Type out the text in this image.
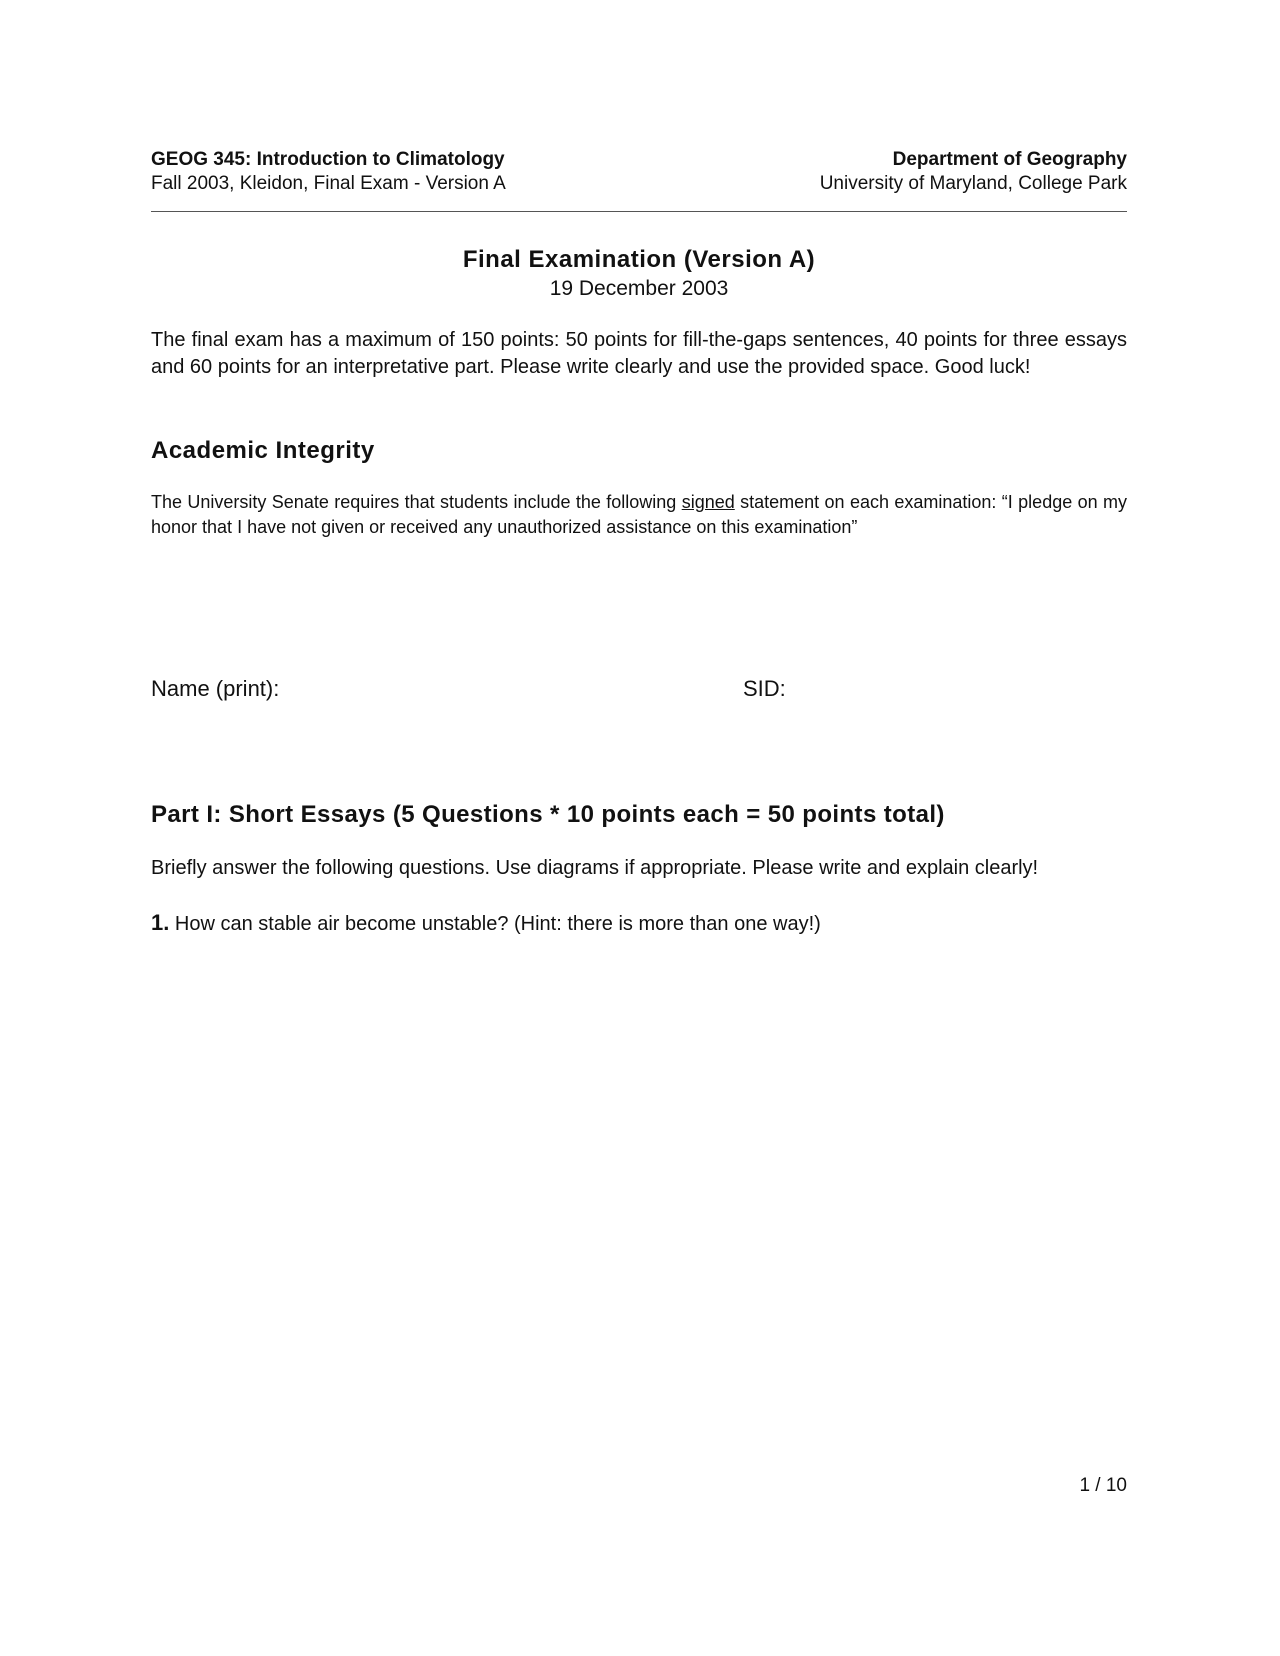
GEOG 345: Introduction to Climatology
Fall 2003, Kleidon, Final Exam - Version A
Department of Geography
University of Maryland, College Park
Final Examination (Version A)
19 December 2003
The final exam has a maximum of 150 points: 50 points for fill-the-gaps sentences, 40 points for three essays and 60 points for an interpretative part. Please write clearly and use the provided space. Good luck!
Academic Integrity
The University Senate requires that students include the following signed statement on each examination: “I pledge on my honor that I have not given or received any unauthorized assistance on this examination”
Name (print):	SID:
Part I: Short Essays (5 Questions * 10 points each = 50 points total)
Briefly answer the following questions. Use diagrams if appropriate. Please write and explain clearly!
1. How can stable air become unstable? (Hint: there is more than one way!)
1 / 10
